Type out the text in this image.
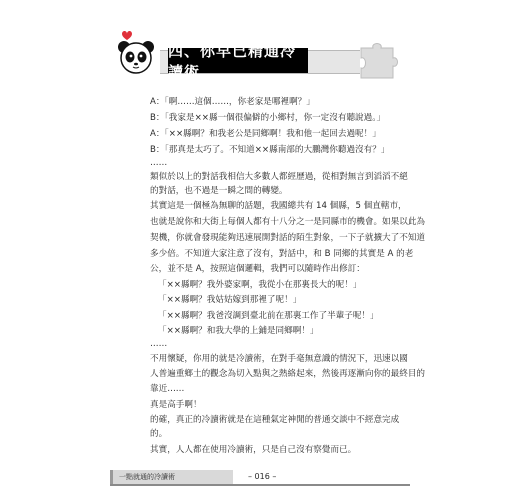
四、你早已精通冷讀術
A：「啊……這個……，你老家是哪裡啊？」
B：「我家是××縣一個很偏僻的小鄉村，你一定沒有聽說過。」
A：「××縣啊？和我老公是同鄉啊！我和他一起回去過呢！」
B：「那真是太巧了。不知道××縣南部的大鵬灣你聽過沒有？」
……
類似於以上的對話我相信大多數人都經歷過，從相對無言到滔滔不絕
的對話，也不過是一瞬之間的轉變。
其實這是一個極為無聊的話題，我國總共有 14 個縣，5 個直轄市，
也就是說你和大街上每個人都有十八分之一是同縣市的機會。如果以此為
契機，你就會發現能夠迅速展開對話的陌生對象，一下子就擴大了不知道
多少倍。不知道大家注意了沒有，對話中，和 B 同鄉的其實是 A 的老
公，並不是 A，按照這個邏輯，我們可以隨時作出修訂：
「××縣啊？我外婆家啊，我從小在那裏長大的呢！」
「××縣啊？我姑姑嫁到那裡了呢！」
「××縣啊？我爸沒調到臺北前在那裏工作了半輩子呢！」
「××縣啊？和我大學的上鋪是同鄉啊！」
……
不用懷疑，你用的就是冷讀術，在對手毫無意識的情況下，迅速以國
人普遍重鄉土的觀念為切入點與之熱絡起來，然後再逐漸向你的最終目的
靠近……
真是高手啊！
的確，真正的冷讀術就是在這種氣定神閒的普通交談中不經意完成
的。
其實，人人都在使用冷讀術，只是自己沒有察覺而已。
一點就通的冷讀術	– 016 –
